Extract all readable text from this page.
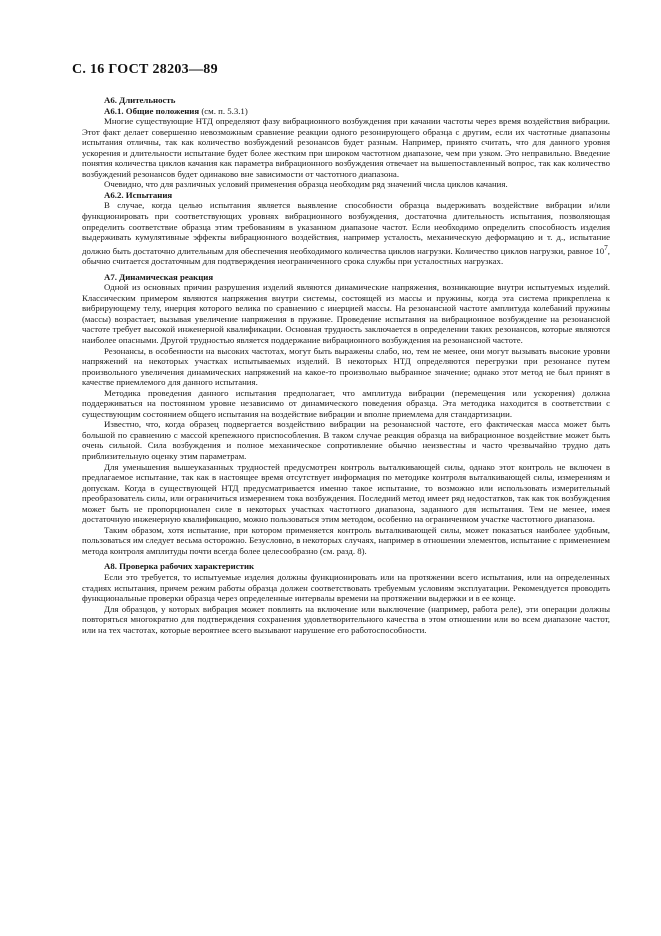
С. 16 ГОСТ 28203—89

А6. Длительность

А6.1. Общие положения (см. п. 5.3.1)

Многие существующие НТД определяют фазу вибрационного возбуждения при качании частоты через время воздействия вибрации. Этот факт делает совершенно невозможным сравнение реакции одного резонирующего образца с другим, если их частотные диапазоны испытания отличны, так как количество возбуждений резонансов будет разным. Например, принято считать, что для данного уровня ускорения и длительности испытание будет более жестким при широком частотном диапазоне, чем при узком. Это неправильно. Введение понятия количества циклов качания как параметра вибрационного возбуждения отвечает на вышепоставленный вопрос, так как количество возбуждений резонансов будет одинаково вне зависимости от частотного диапазона.

Очевидно, что для различных условий применения образца необходим ряд значений числа циклов качания.

А6.2. Испытания

В случае, когда целью испытания является выявление способности образца выдерживать воздействие вибрации и/или функционировать при соответствующих уровнях вибрационного возбуждения, достаточна длительность испытания, позволяющая определить соответствие образца этим требованиям в указанном диапазоне частот. Если необходимо определить способность изделия выдерживать кумулятивные эффекты вибрационного воздействия, например усталость, механическую деформацию и т. д., испытание должно быть достаточно длительным для обеспечения необходимого количества циклов нагрузки. Количество циклов нагрузки, равное $10^7$, обычно считается достаточным для подтверждения неограниченного срока службы при усталостных нагрузках.

А7. Динамическая реакция

Одной из основных причин разрушения изделий являются динамические напряжения, возникающие внутри испытуемых изделий. Классическим примером являются напряжения внутри системы, состоящей из массы и пружины, когда эта система прикреплена к вибрирующему телу, инерция которого велика по сравнению с инерцией массы. На резонансной частоте амплитуда колебаний пружины (массы) возрастает, вызывая увеличение напряжения в пружине. Проведение испытания на вибрационное возбуждение на резонансной частоте требует высокой инженерной квалификации. Основная трудность заключается в определении таких резонансов, которые являются наиболее опасными. Другой трудностью является поддержание вибрационного возбуждения на резонансной частоте.

Резонансы, в особенности на высоких частотах, могут быть выражены слабо, но, тем не менее, они могут вызывать высокие уровни напряжений на некоторых участках испытываемых изделий. В некоторых НТД определяются перегрузки при резонансе путем произвольного увеличения динамических напряжений на какое-то произвольно выбранное значение; однако этот метод не был принят в качестве приемлемого для данного испытания.

Методика проведения данного испытания предполагает, что амплитуда вибрации (перемещения или ускорения) должна поддерживаться на постоянном уровне независимо от динамического поведения образца. Эта методика находится в соответствии с существующим состоянием общего испытания на воздействие вибрации и вполне приемлема для стандартизации.

Известно, что, когда образец подвергается воздействию вибрации на резонансной частоте, его фактическая масса может быть большой по сравнению с массой крепежного приспособления. В таком случае реакция образца на вибрационное воздействие может быть очень сильной. Сила возбуждения и полное механическое сопротивление обычно неизвестны и часто чрезвычайно трудно дать приблизительную оценку этим параметрам.

Для уменьшения вышеуказанных трудностей предусмотрен контроль выталкивающей силы, однако этот контроль не включен в предлагаемое испытание, так как в настоящее время отсутствует информация по методике контроля выталкивающей силы, измерениям и допускам. Когда в существующей НТД предусматривается именно такое испытание, то возможно или использовать измерительный преобразователь силы, или ограничиться измерением тока возбуждения. Последний метод имеет ряд недостатков, так как ток возбуждения может быть не пропорционален силе в некоторых участках частотного диапазона, заданного для испытания. Тем не менее, имея достаточную инженерную квалификацию, можно пользоваться этим методом, особенно на ограниченном участке частотного диапазона.

Таким образом, хотя испытание, при котором применяется контроль выталкивающей силы, может показаться наиболее удобным, пользоваться им следует весьма осторожно. Безусловно, в некоторых случаях, например в отношении элементов, испытание с применением метода контроля амплитуды почти всегда более целесообразно (см. разд. 8).

А8. Проверка рабочих характеристик

Если это требуется, то испытуемые изделия должны функционировать или на протяжении всего испытания, или на определенных стадиях испытания, причем режим работы образца должен соответствовать требуемым условиям эксплуатации. Рекомендуется проводить функциональные проверки образца через определенные интервалы времени на протяжении выдержки и в ее конце.

Для образцов, у которых вибрация может повлиять на включение или выключение (например, работа реле), эти операции должны повторяться многократно для подтверждения сохранения удовлетворительного качества в этом отношении или во всем диапазоне частот, или на тех частотах, которые вероятнее всего вызывают нарушение его работоспособности.
